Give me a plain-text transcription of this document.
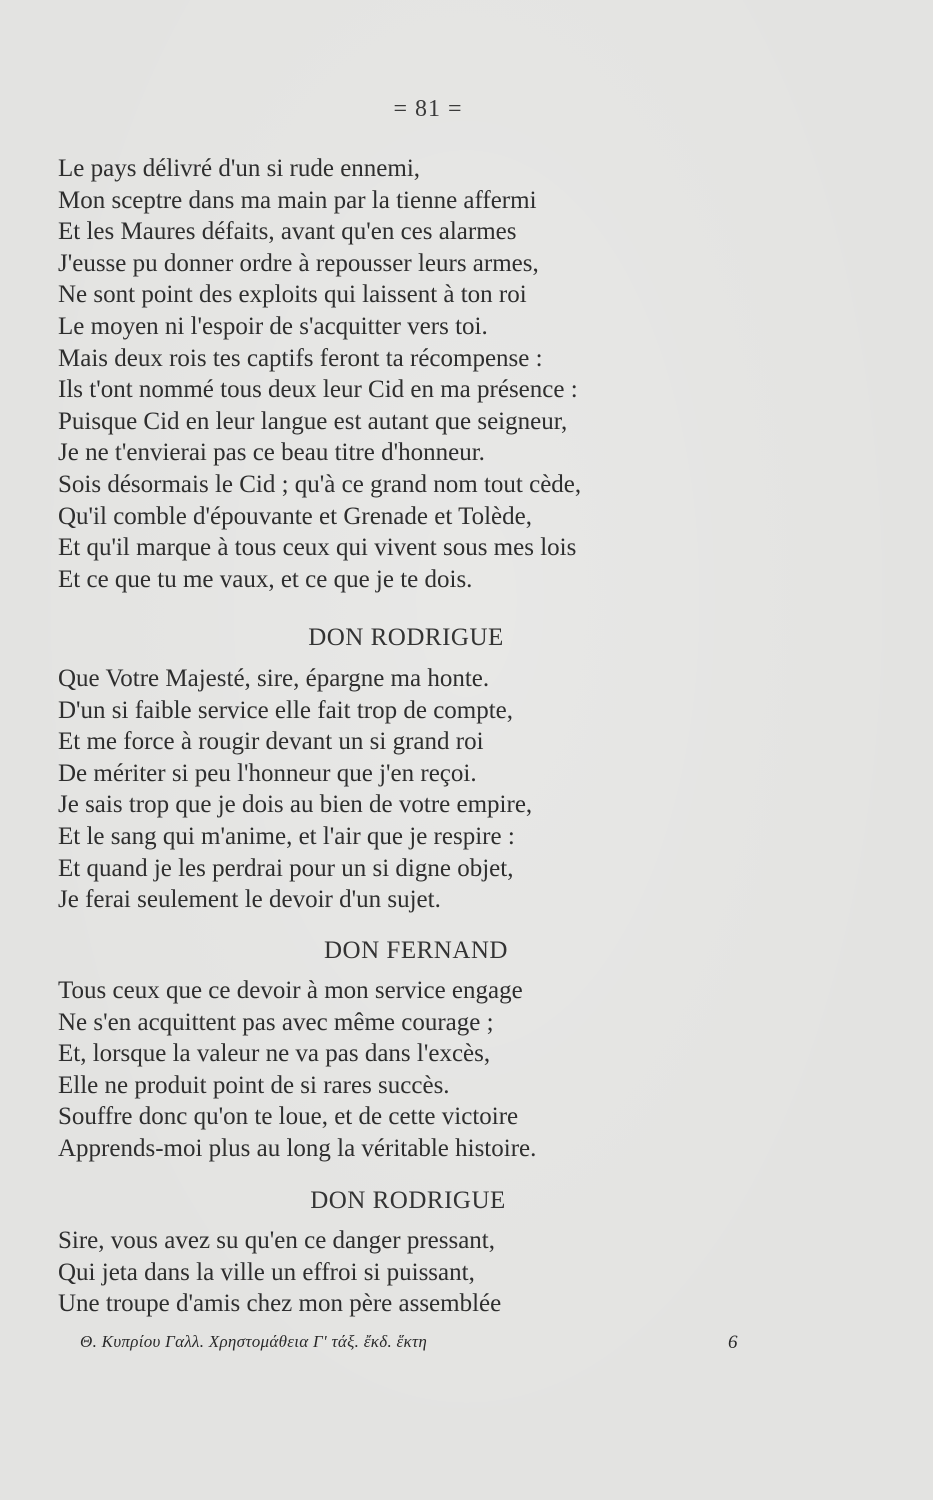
= 81 =
Le pays délivré d'un si rude ennemi,
Mon sceptre dans ma main par la tienne affermi
Et les Maures défaits, avant qu'en ces alarmes
J'eusse pu donner ordre à repousser leurs armes,
Ne sont point des exploits qui laissent à ton roi
Le moyen ni l'espoir de s'acquitter vers toi.
Mais deux rois tes captifs feront ta récompense :
Ils t'ont nommé tous deux leur Cid en ma présence :
Puisque Cid en leur langue est autant que seigneur,
Je ne t'envierai pas ce beau titre d'honneur.
Sois désormais le Cid ; qu'à ce grand nom tout cède,
Qu'il comble d'épouvante et Grenade et Tolède,
Et qu'il marque à tous ceux qui vivent sous mes lois
Et ce que tu me vaux, et ce que je te dois.
DON RODRIGUE
Que Votre Majesté, sire, épargne ma honte.
D'un si faible service elle fait trop de compte,
Et me force à rougir devant un si grand roi
De mériter si peu l'honneur que j'en reçoi.
Je sais trop que je dois au bien de votre empire,
Et le sang qui m'anime, et l'air que je respire :
Et quand je les perdrai pour un si digne objet,
Je ferai seulement le devoir d'un sujet.
DON FERNAND
Tous ceux que ce devoir à mon service engage
Ne s'en acquittent pas avec même courage ;
Et, lorsque la valeur ne va pas dans l'excès,
Elle ne produit point de si rares succès.
Souffre donc qu'on te loue, et de cette victoire
Apprends-moi plus au long la véritable histoire.
DON RODRIGUE
Sire, vous avez su qu'en ce danger pressant,
Qui jeta dans la ville un effroi si puissant,
Une troupe d'amis chez mon père assemblée
Θ. Κυπρίου Γαλλ. Χρηστομάθεια Γ' τάξ. ἔκδ. ἕκτη	6
